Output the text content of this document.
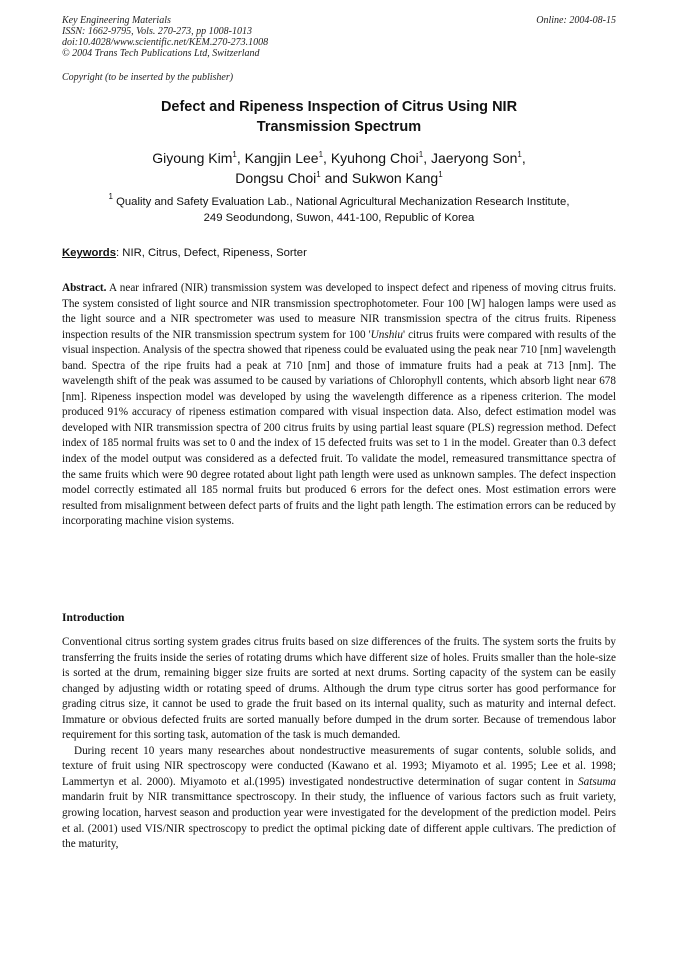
Key Engineering Materials
ISSN: 1662-9795, Vols. 270-273, pp 1008-1013
doi:10.4028/www.scientific.net/KEM.270-273.1008
© 2004 Trans Tech Publications Ltd, Switzerland
Online: 2004-08-15
Copyright (to be inserted by the publisher)
Defect and Ripeness Inspection of Citrus Using NIR
Transmission Spectrum
Giyoung Kim$^1$, Kangjin Lee$^1$, Kyuhong Choi$^1$, Jaeryong Son$^1$,
Dongsu Choi$^1$ and Sukwon Kang$^1$
$^1$ Quality and Safety Evaluation Lab., National Agricultural Mechanization Research Institute,
249 Seodundong, Suwon, 441-100, Republic of Korea
Keywords: NIR, Citrus, Defect, Ripeness, Sorter
Abstract. A near infrared (NIR) transmission system was developed to inspect defect and ripeness of moving citrus fruits. The system consisted of light source and NIR transmission spectrophotometer. Four 100 [W] halogen lamps were used as the light source and a NIR spectrometer was used to measure NIR transmission spectra of the citrus fruits. Ripeness inspection results of the NIR transmission spectrum system for 100 'Unshiu' citrus fruits were compared with results of the visual inspection. Analysis of the spectra showed that ripeness could be evaluated using the peak near 710 [nm] wavelength band. Spectra of the ripe fruits had a peak at 710 [nm] and those of immature fruits had a peak at 713 [nm]. The wavelength shift of the peak was assumed to be caused by variations of Chlorophyll contents, which absorb light near 678 [nm]. Ripeness inspection model was developed by using the wavelength difference as a ripeness criterion. The model produced 91% accuracy of ripeness estimation compared with visual inspection data. Also, defect estimation model was developed with NIR transmission spectra of 200 citrus fruits by using partial least square (PLS) regression method. Defect index of 185 normal fruits was set to 0 and the index of 15 defected fruits was set to 1 in the model. Greater than 0.3 defect index of the model output was considered as a defected fruit. To validate the model, remeasured transmittance spectra of the same fruits which were 90 degree rotated about light path length were used as unknown samples. The defect inspection model correctly estimated all 185 normal fruits but produced 6 errors for the defect ones. Most estimation errors were resulted from misalignment between defect parts of fruits and the light path length. The estimation errors can be reduced by incorporating machine vision systems.
Introduction

Conventional citrus sorting system grades citrus fruits based on size differences of the fruits. The system sorts the fruits by transferring the fruits inside the series of rotating drums which have different size of holes. Fruits smaller than the hole-size is sorted at the drum, remaining bigger size fruits are sorted at next drums. Sorting capacity of the system can be easily changed by adjusting width or rotating speed of drums. Although the drum type citrus sorter has good performance for grading citrus size, it cannot be used to grade the fruit based on its internal quality, such as maturity and internal defect. Immature or obvious defected fruits are sorted manually before dumped in the drum sorter. Because of tremendous labor requirement for this sorting task, automation of the task is much demanded.

During recent 10 years many researches about nondestructive measurements of sugar contents, soluble solids, and texture of fruit using NIR spectroscopy were conducted (Kawano et al. 1993; Miyamoto et al. 1995; Lee et al. 1998; Lammertyn et al. 2000). Miyamoto et al.(1995) investigated nondestructive determination of sugar content in Satsuma mandarin fruit by NIR transmittance spectroscopy. In their study, the influence of various factors such as fruit variety, growing location, harvest season and production year were investigated for the development of the prediction model. Peirs et al. (2001) used VIS/NIR spectroscopy to predict the optimal picking date of different apple cultivars. The prediction of the maturity,
